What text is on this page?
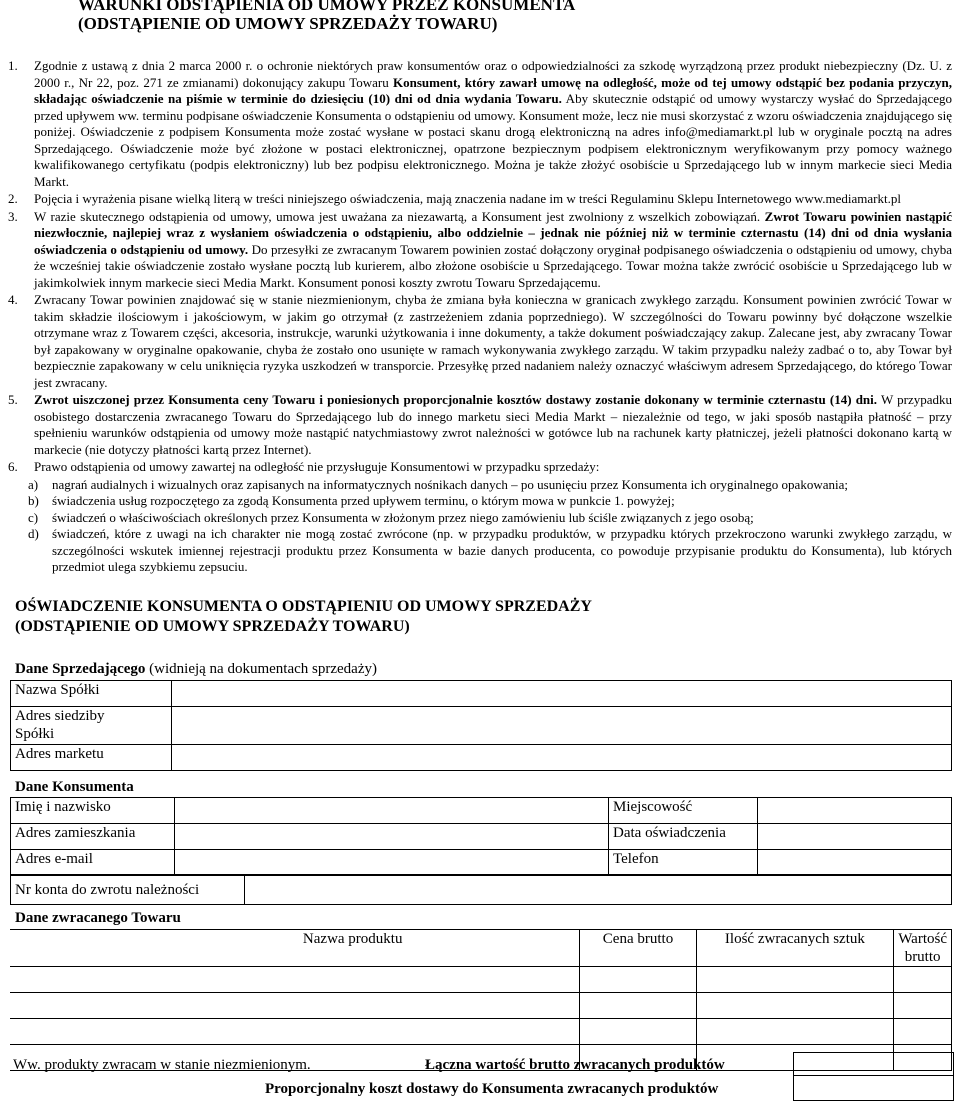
WARUNKI ODSTĄPIENIA OD UMOWY PRZEZ KONSUMENTA
(ODSTĄPIENIE OD UMOWY SPRZEDAŻY TOWARU)
1. Zgodnie z ustawą z dnia 2 marca 2000 r. o ochronie niektórych praw konsumentów oraz o odpowiedzialności za szkodę wyrządzoną przez produkt niebezpieczny (Dz. U. z 2000 r., Nr 22, poz. 271 ze zmianami) dokonujący zakupu Towaru Konsument, który zawarł umowę na odległość, może od tej umowy odstąpić bez podania przyczyn, składając oświadczenie na piśmie w terminie do dziesięciu (10) dni od dnia wydania Towaru. Aby skutecznie odstąpić od umowy wystarczy wysłać do Sprzedającego przed upływem ww. terminu podpisane oświadczenie Konsumenta o odstąpieniu od umowy. Konsument może, lecz nie musi skorzystać z wzoru oświadczenia znajdującego się poniżej. Oświadczenie z podpisem Konsumenta może zostać wysłane w postaci skanu drogą elektroniczną na adres info@mediamarkt.pl lub w oryginale pocztą na adres Sprzedającego. Oświadczenie może być złożone w postaci elektronicznej, opatrzone bezpiecznym podpisem elektronicznym weryfikowanym przy pomocy ważnego kwalifikowanego certyfikatu (podpis elektroniczny) lub bez podpisu elektronicznego. Można je także złożyć osobiście u Sprzedającego lub w innym markecie sieci Media Markt.
2. Pojęcia i wyrażenia pisane wielką literą w treści niniejszego oświadczenia, mają znaczenia nadane im w treści Regulaminu Sklepu Internetowego www.mediamarkt.pl
3. W razie skutecznego odstąpienia od umowy, umowa jest uważana za niezawartą, a Konsument jest zwolniony z wszelkich zobowiązań. Zwrot Towaru powinien nastąpić niezwłocznie, najlepiej wraz z wysłaniem oświadczenia o odstąpieniu, albo oddzielnie – jednak nie później niż w terminie czternastu (14) dni od dnia wysłania oświadczenia o odstąpieniu od umowy. Do przesyłki ze zwracanym Towarem powinien zostać dołączony oryginał podpisanego oświadczenia o odstąpieniu od umowy, chyba że wcześniej takie oświadczenie zostało wysłane pocztą lub kurierem, albo złożone osobiście u Sprzedającego. Towar można także zwrócić osobiście u Sprzedającego lub w jakimkolwiek innym markecie sieci Media Markt. Konsument ponosi koszty zwrotu Towaru Sprzedającemu.
4. Zwracany Towar powinien znajdować się w stanie niezmienionym, chyba że zmiana była konieczna w granicach zwykłego zarządu. Konsument powinien zwrócić Towar w takim składzie ilościowym i jakościowym, w jakim go otrzymał (z zastrzeżeniem zdania poprzedniego). W szczególności do Towaru powinny być dołączone wszelkie otrzymane wraz z Towarem części, akcesoria, instrukcje, warunki użytkowania i inne dokumenty, a także dokument poświadczający zakup. Zalecane jest, aby zwracany Towar był zapakowany w oryginalne opakowanie, chyba że zostało ono usunięte w ramach wykonywania zwykłego zarządu. W takim przypadku należy zadbać o to, aby Towar był bezpiecznie zapakowany w celu uniknięcia ryzyka uszkodzeń w transporcie. Przesyłkę przed nadaniem należy oznaczyć właściwym adresem Sprzedającego, do którego Towar jest zwracany.
5. Zwrot uiszczonej przez Konsumenta ceny Towaru i poniesionych proporcjonalnie kosztów dostawy zostanie dokonany w terminie czternastu (14) dni. W przypadku osobistego dostarczenia zwracanego Towaru do Sprzedającego lub do innego marketu sieci Media Markt – niezależnie od tego, w jaki sposób nastąpiła płatność – przy spełnieniu warunków odstąpienia od umowy może nastąpić natychmiastowy zwrot należności w gotówce lub na rachunek karty płatniczej, jeżeli płatności dokonano kartą w markecie (nie dotyczy płatności kartą przez Internet).
6. Prawo odstąpienia od umowy zawartej na odległość nie przysługuje Konsumentowi w przypadku sprzedaży:
a) nagrań audialnych i wizualnych oraz zapisanych na informatycznych nośnikach danych – po usunięciu przez Konsumenta ich oryginalnego opakowania;
b) świadczenia usług rozpoczętego za zgodą Konsumenta przed upływem terminu, o którym mowa w punkcie 1. powyżej;
c) świadczeń o właściwościach określonych przez Konsumenta w złożonym przez niego zamówieniu lub ściśle związanych z jego osobą;
d) świadczeń, które z uwagi na ich charakter nie mogą zostać zwrócone (np. w przypadku produktów, w przypadku których przekroczono warunki zwykłego zarządu, w szczególności wskutek imiennej rejestracji produktu przez Konsumenta w bazie danych producenta, co powoduje przypisanie produktu do Konsumenta), lub których przedmiot ulega szybkiemu zepsuciu.
OŚWIADCZENIE KONSUMENTA O ODSTĄPIENIU OD UMOWY SPRZEDAŻY
(ODSTĄPIENIE OD UMOWY SPRZEDAŻY TOWARU)
Dane Sprzedającego (widnieją na dokumentach sprzedaży)
Nazwa Spółki	

Adres siedziby
Spółki	

Adres marketu	
Dane Konsumenta
Imię i nazwisko		Miejscowość	
Adres zamieszkania		Data oświadczenia	
Adres e-mail		Telefon	
Nr konta do zwrotu należności	
Dane zwracanego Towaru
Nazwa produktu	Cena brutto	Ilość zwracanych sztuk	Wartość brutto

Ww. produkty zwracam w stanie niezmienionym.	Łączna wartość brutto zwracanych produktów
Proporcjonalny koszt dostawy do Konsumenta zwracanych produktów
